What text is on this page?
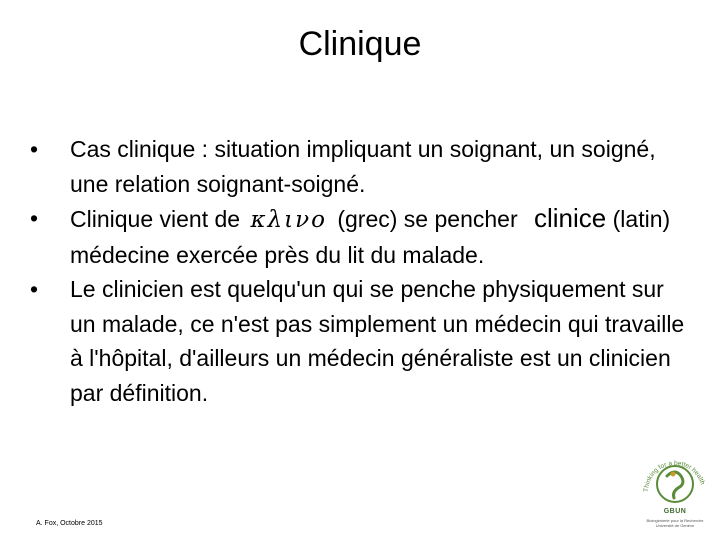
Clinique
•	Cas clinique : situation impliquant un soignant, un soigné, une relation soignant-soigné.
•	Clinique vient de κλινο (grec) se pencher clinice (latin) médecine exercée près du lit du malade.
•	Le clinicien est quelqu'un qui se penche physiquement sur un malade, ce n'est pas simplement un médecin qui travaille à l'hôpital, d'ailleurs un médecin généraliste est un clinicien par définition.
A. Fox, Octobre 2015
Thinking for a better health
GBUN
Bioingénierie pour la Recherche
Université de Genève
